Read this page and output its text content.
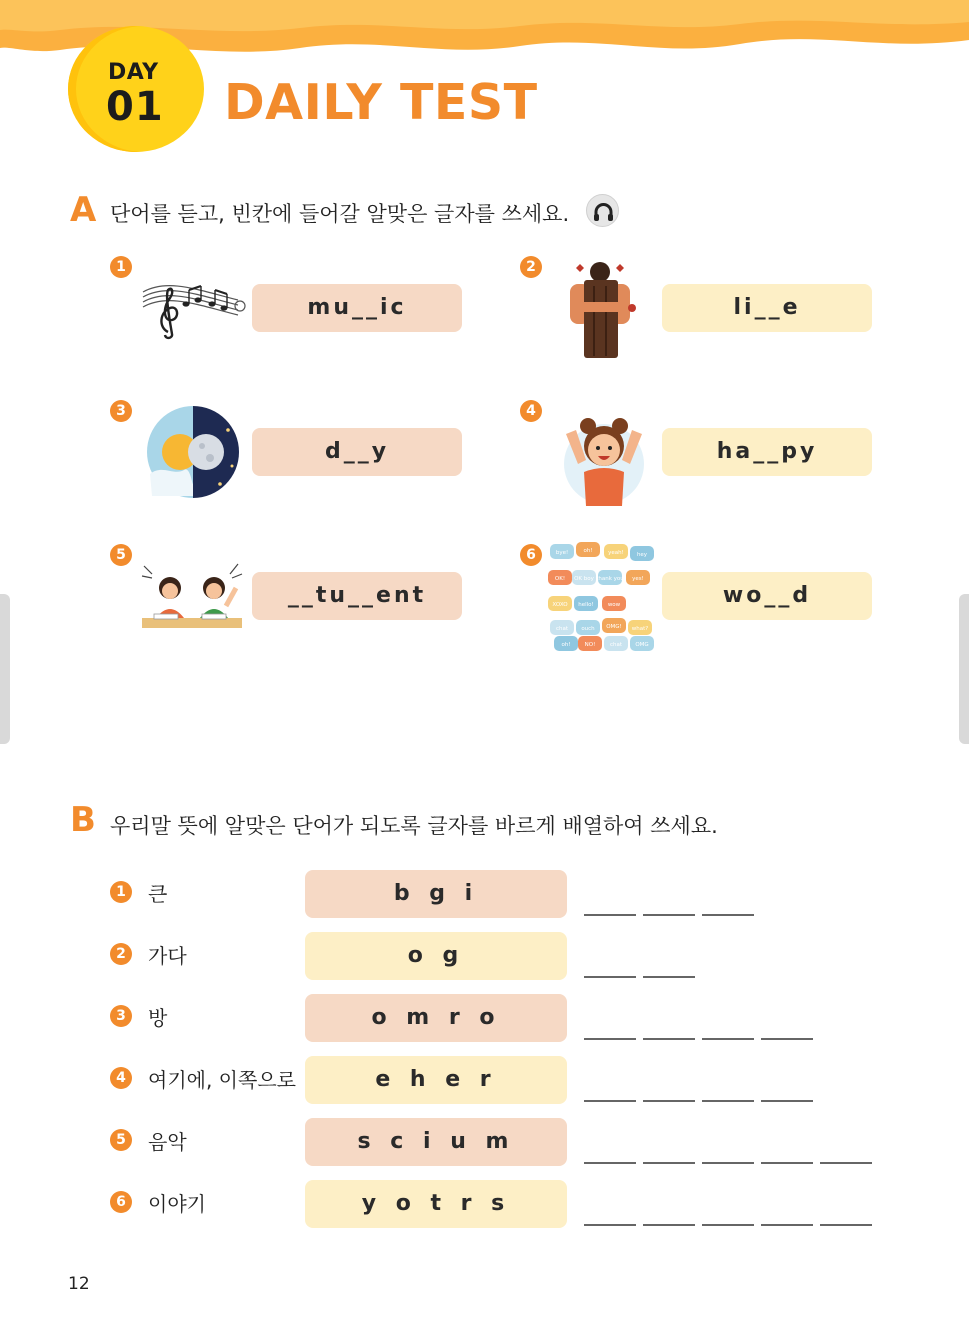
DAY
01 DAILY TEST
A 단어를 듣고, 빈칸에 들어갈 알맞은 글자를 쓰세요.
1
mu__ic
2
li__e
3
d__y
4
ha__py
5
__tu__ent
6	bye!	oh!	yeah! hey
OK! OK boy thank you yes!
XOXO hello!	wow
chat ouch OMG! what?
oh!	NO!	chat OMG
wo__d
B 우리말 뜻에 알맞은 단어가 되도록 글자를 바르게 배열하여 쓰세요.
1	큰	b g i
2	가다	o g
3	방	o m r o
4	여기에, 이쪽으로	e h e r
5	음악	s c i u m
6	이야기	y o t r s
12
